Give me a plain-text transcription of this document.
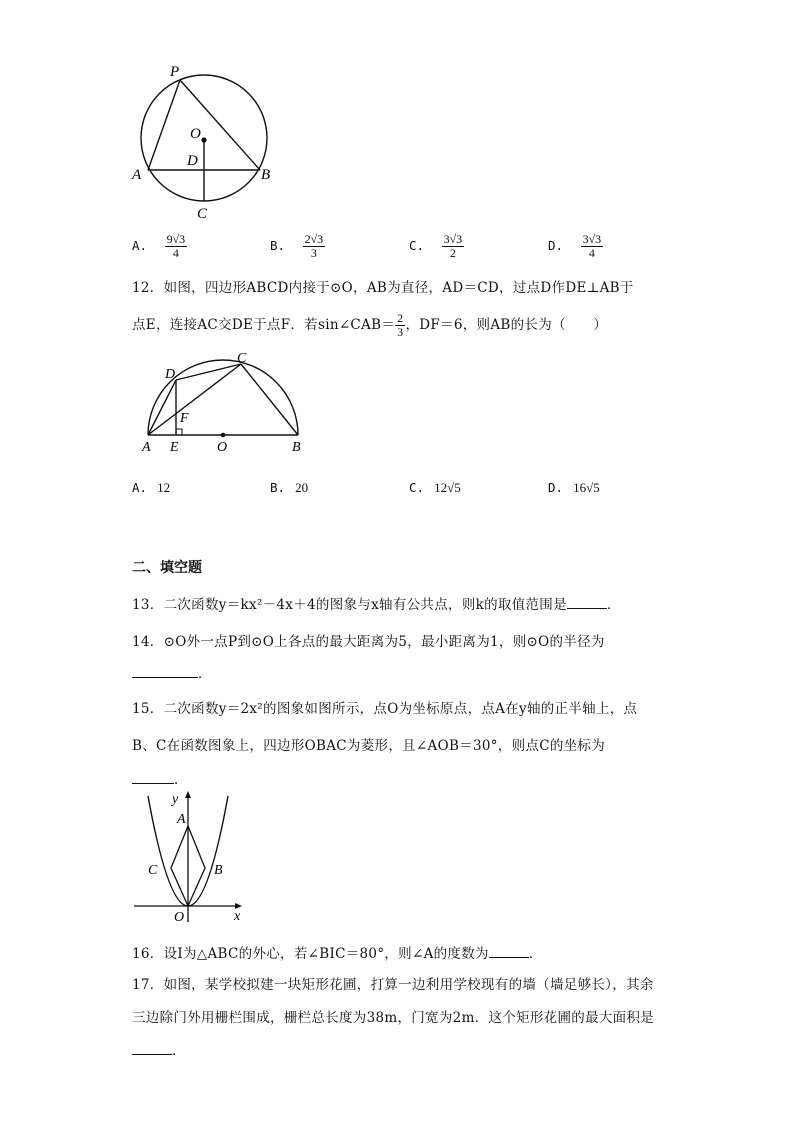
P
O
D
A	B
C
A. $\frac{9√3}{4}$	B. $\frac{2√3}{3}$	C. $\frac{3√3}{2}$	D. $\frac{3√3}{4}$
12．如图，四边形ABCD内接于⊙O，AB为直径，AD＝CD，过点D作DE⊥AB于
点E，连接AC交DE于点F．若sin∠CAB＝ $\frac{2}{3}$ ，DF＝6，则AB的长为（　　）
D
C
F
A E	O	B
A. 12	B. 20	C. 12√5	D. 16√5
二、填空题
13．二次函数y＝kx²－4x＋4的图象与x轴有公共点，则k的取值范围是	．
14．⊙O外一点P到⊙O上各点的最大距离为5，最小距离为1，则⊙O的半径为
．
15．二次函数y＝2x²的图象如图所示，点O为坐标原点，点A在y轴的正半轴上，点
B、C在函数图象上，四边形OBAC为菱形，且∠AOB＝30°，则点C的坐标为
．
y
A
C	B
O	x
16．设I为△ABC的外心，若∠BIC＝80°，则∠A的度数为	．
17．如图，某学校拟建一块矩形花圃，打算一边利用学校现有的墙（墙足够长），其余
三边除门外用栅栏围成，栅栏总长度为38m，门宽为2m．这个矩形花圃的最大面积是
．
